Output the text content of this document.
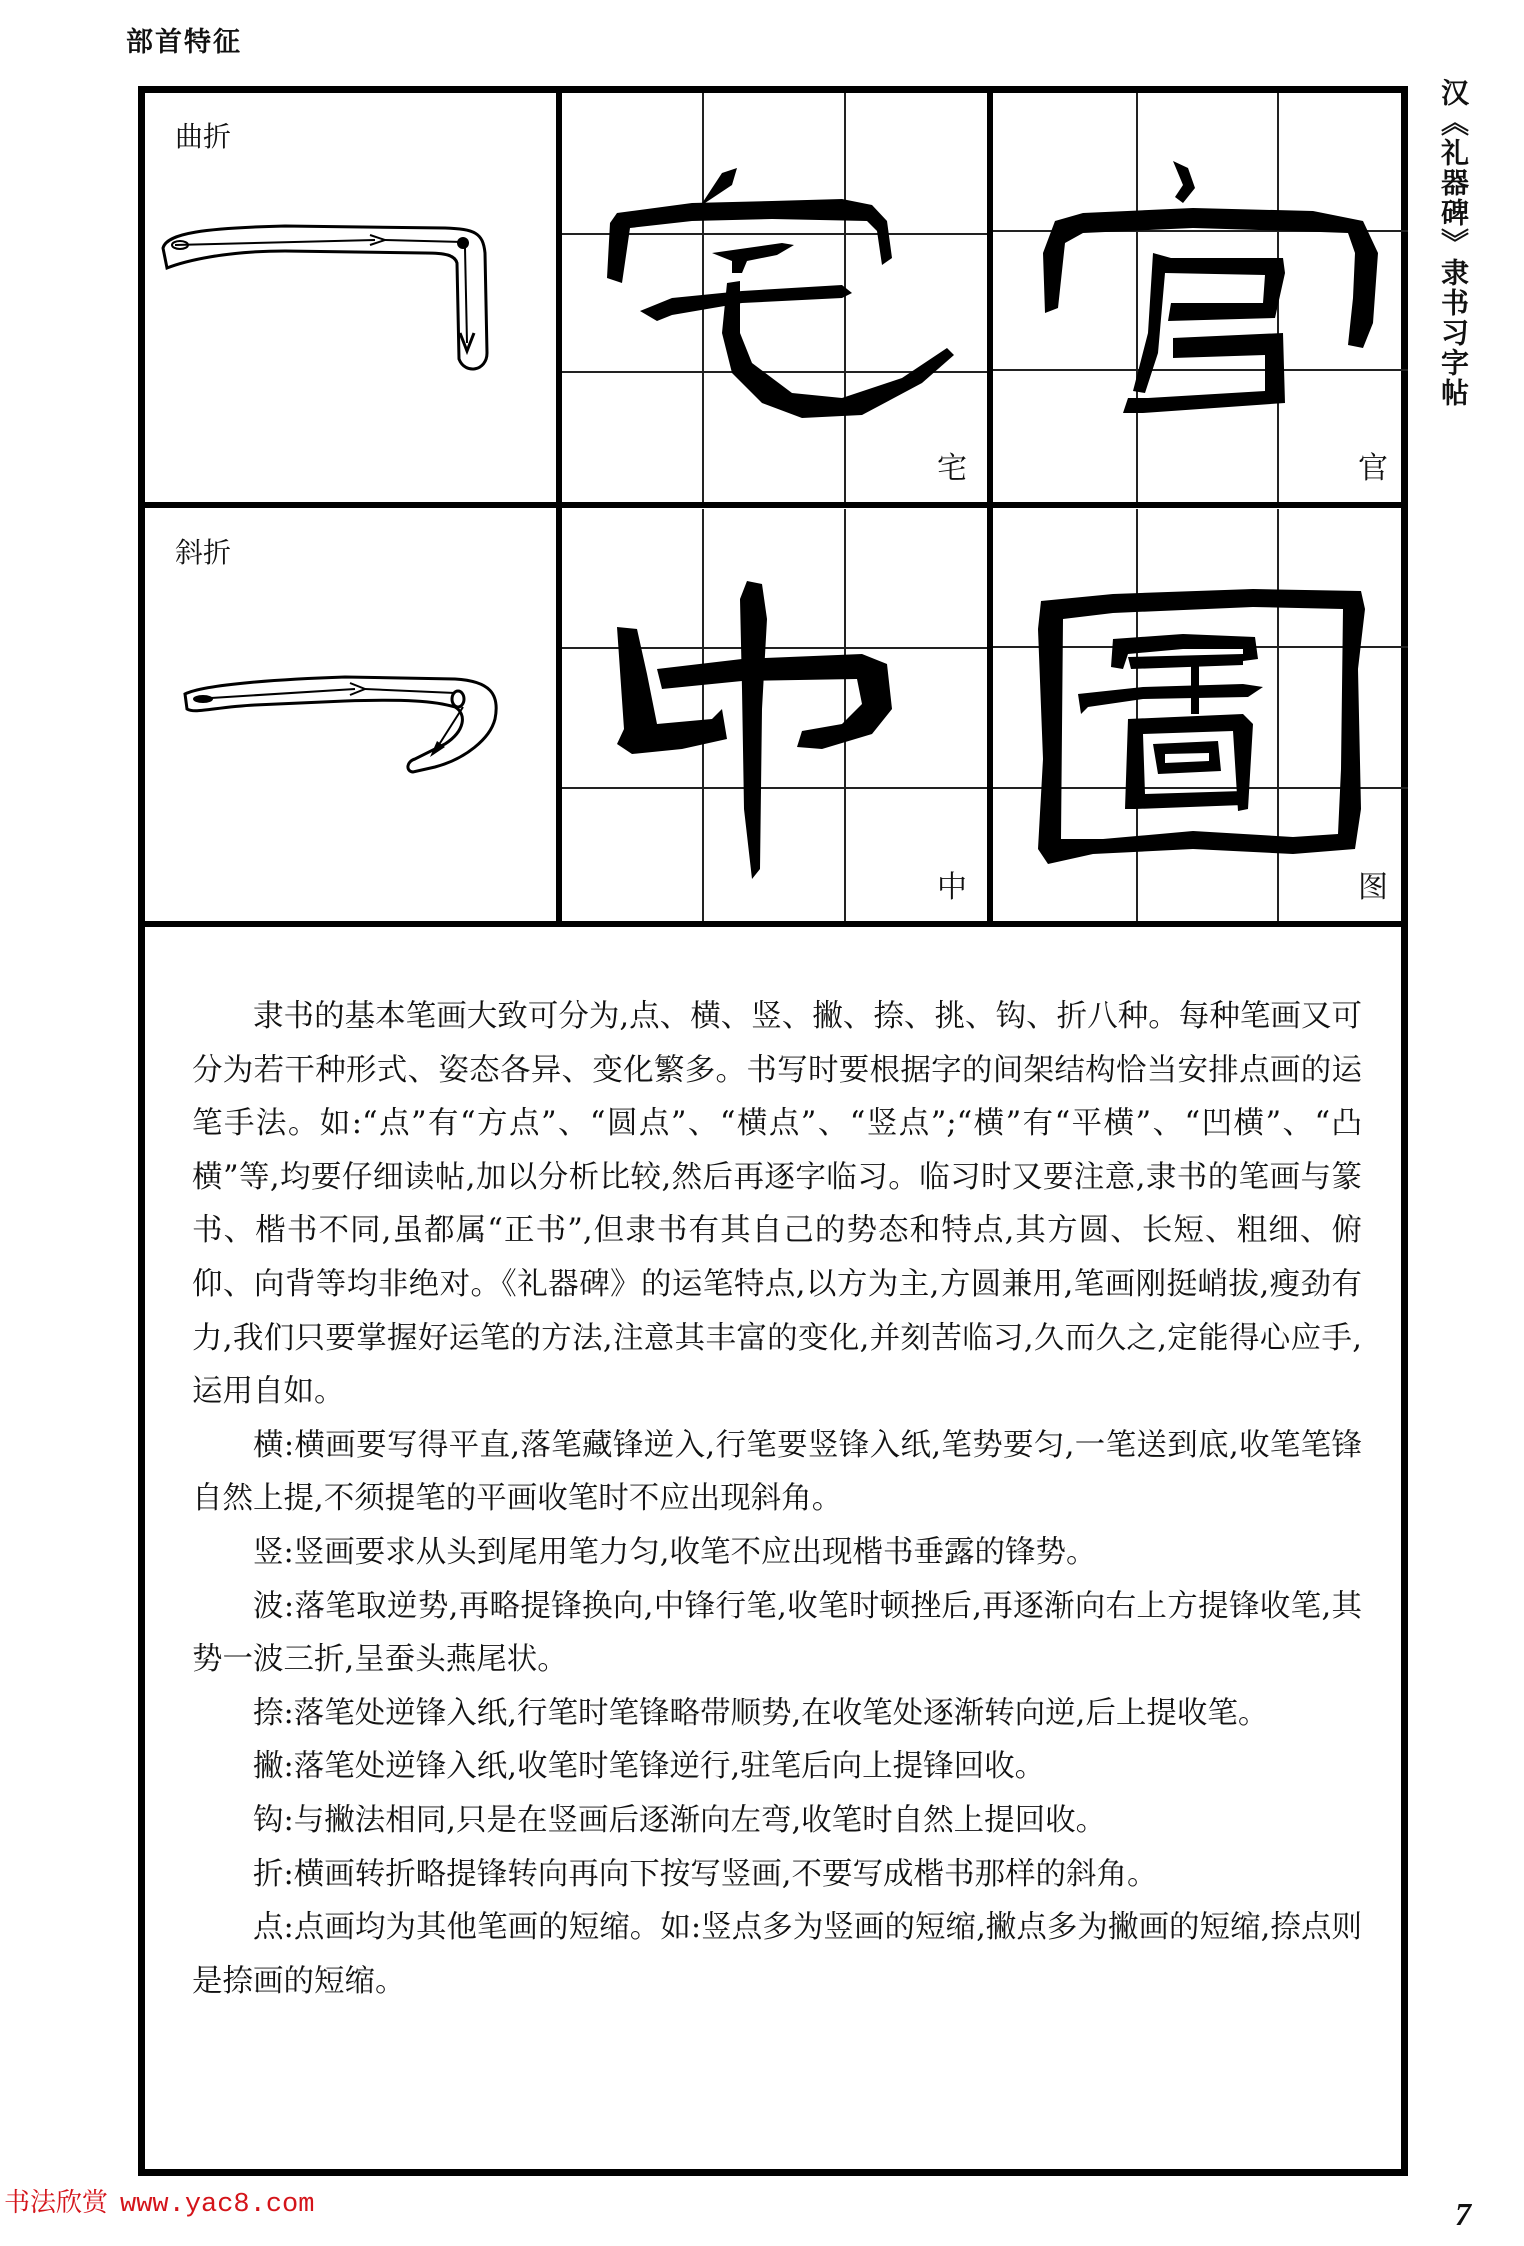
部首特征
汉《礼器碑》隶书习字帖
曲折
斜折
宅	官
中	图

隶书的基本笔画大致可分为,点、横、竖、撇、捺、挑、钩、折八种。每种笔画又可分为若干种形式、姿态各异、变化繁多。书写时要根据字的间架结构恰当安排点画的运笔手法。如:“点”有“方点”、“圆点”、“横点”、“竖点”;“横”有“平横”、“凹横”、“凸横”等,均要仔细读帖,加以分析比较,然后再逐字临习。临习时又要注意,隶书的笔画与篆书、楷书不同,虽都属“正书”,但隶书有其自己的势态和特点,其方圆、长短、粗细、俯仰、向背等均非绝对。《礼器碑》的运笔特点,以方为主,方圆兼用,笔画刚挺峭拔,瘦劲有力,我们只要掌握好运笔的方法,注意其丰富的变化,并刻苦临习,久而久之,定能得心应手,运用自如。

横:横画要写得平直,落笔藏锋逆入,行笔要竖锋入纸,笔势要匀,一笔送到底,收笔笔锋自然上提,不须提笔的平画收笔时不应出现斜角。

竖:竖画要求从头到尾用笔力匀,收笔不应出现楷书垂露的锋势。

波:落笔取逆势,再略提锋换向,中锋行笔,收笔时顿挫后,再逐渐向右上方提锋收笔,其势一波三折,呈蚕头燕尾状。

捺:落笔处逆锋入纸,行笔时笔锋略带顺势,在收笔处逐渐转向逆,后上提收笔。

撇:落笔处逆锋入纸,收笔时笔锋逆行,驻笔后向上提锋回收。

钩:与撇法相同,只是在竖画后逐渐向左弯,收笔时自然上提回收。

折:横画转折略提锋转向再向下按写竖画,不要写成楷书那样的斜角。

点:点画均为其他笔画的短缩。如:竖点多为竖画的短缩,撇点多为撇画的短缩,捺点则是捺画的短缩。

书法欣赏 www.yac8.com	7
